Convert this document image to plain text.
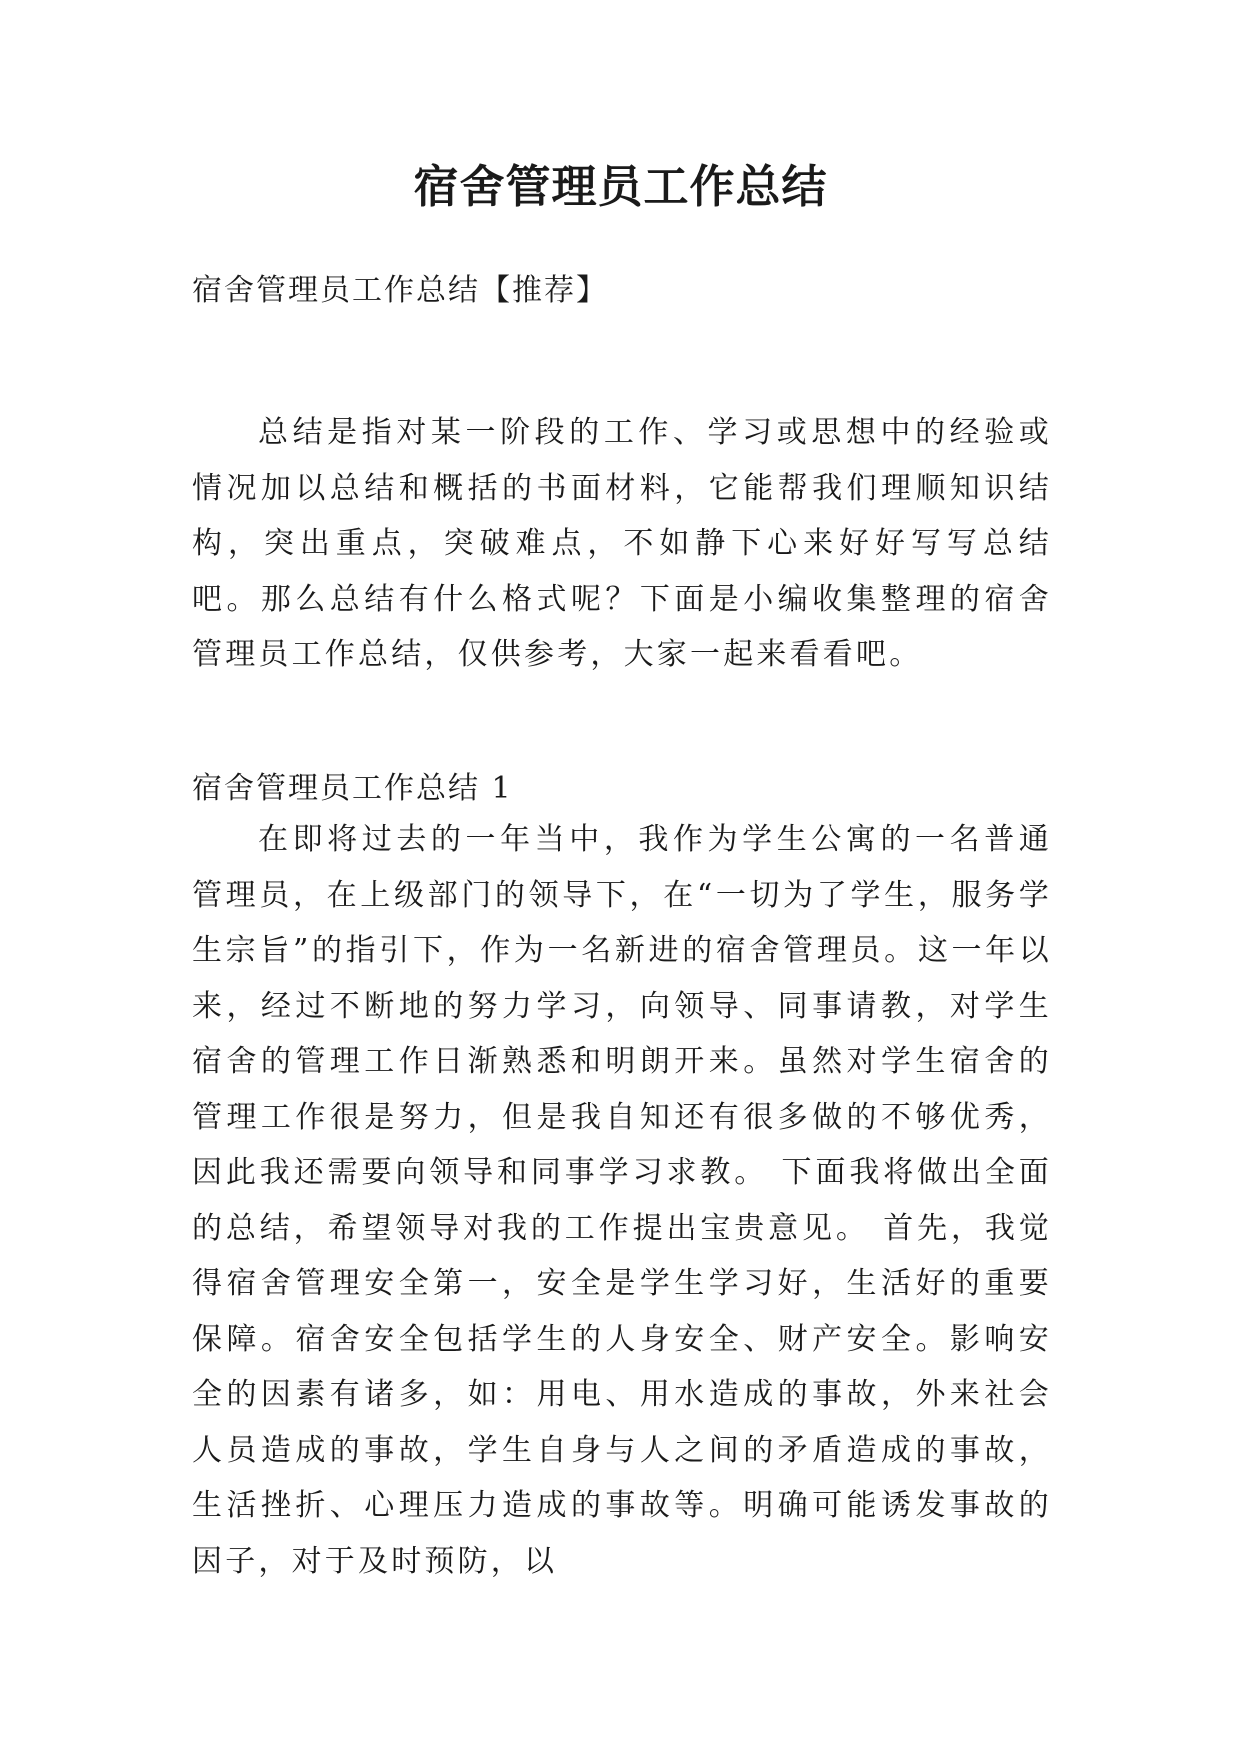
宿舍管理员工作总结

宿舍管理员工作总结【推荐】

总结是指对某一阶段的工作、学习或思想中的经验或情况加以总结和概括的书面材料，它能帮我们理顺知识结构，突出重点，突破难点，不如静下心来好好写写总结吧。那么总结有什么格式呢？下面是小编收集整理的宿舍管理员工作总结，仅供参考，大家一起来看看吧。

宿舍管理员工作总结 1

在即将过去的一年当中，我作为学生公寓的一名普通管理员，在上级部门的领导下，在“一切为了学生，服务学生宗旨”的指引下，作为一名新进的宿舍管理员。这一年以来，经过不断地的努力学习，向领导、同事请教，对学生宿舍的管理工作日渐熟悉和明朗开来。虽然对学生宿舍的管理工作很是努力，但是我自知还有很多做的不够优秀，因此我还需要向领导和同事学习求教。 下面我将做出全面的总结，希望领导对我的工作提出宝贵意见。 首先，我觉得宿舍管理安全第一，安全是学生学习好，生活好的重要保障。宿舍安全包括学生的人身安全、财产安全。影响安全的因素有诸多，如：用电、用水造成的事故，外来社会人员造成的事故，学生自身与人之间的矛盾造成的事故，生活挫折、心理压力造成的事故等。明确可能诱发事故的因子，对于及时预防，以
